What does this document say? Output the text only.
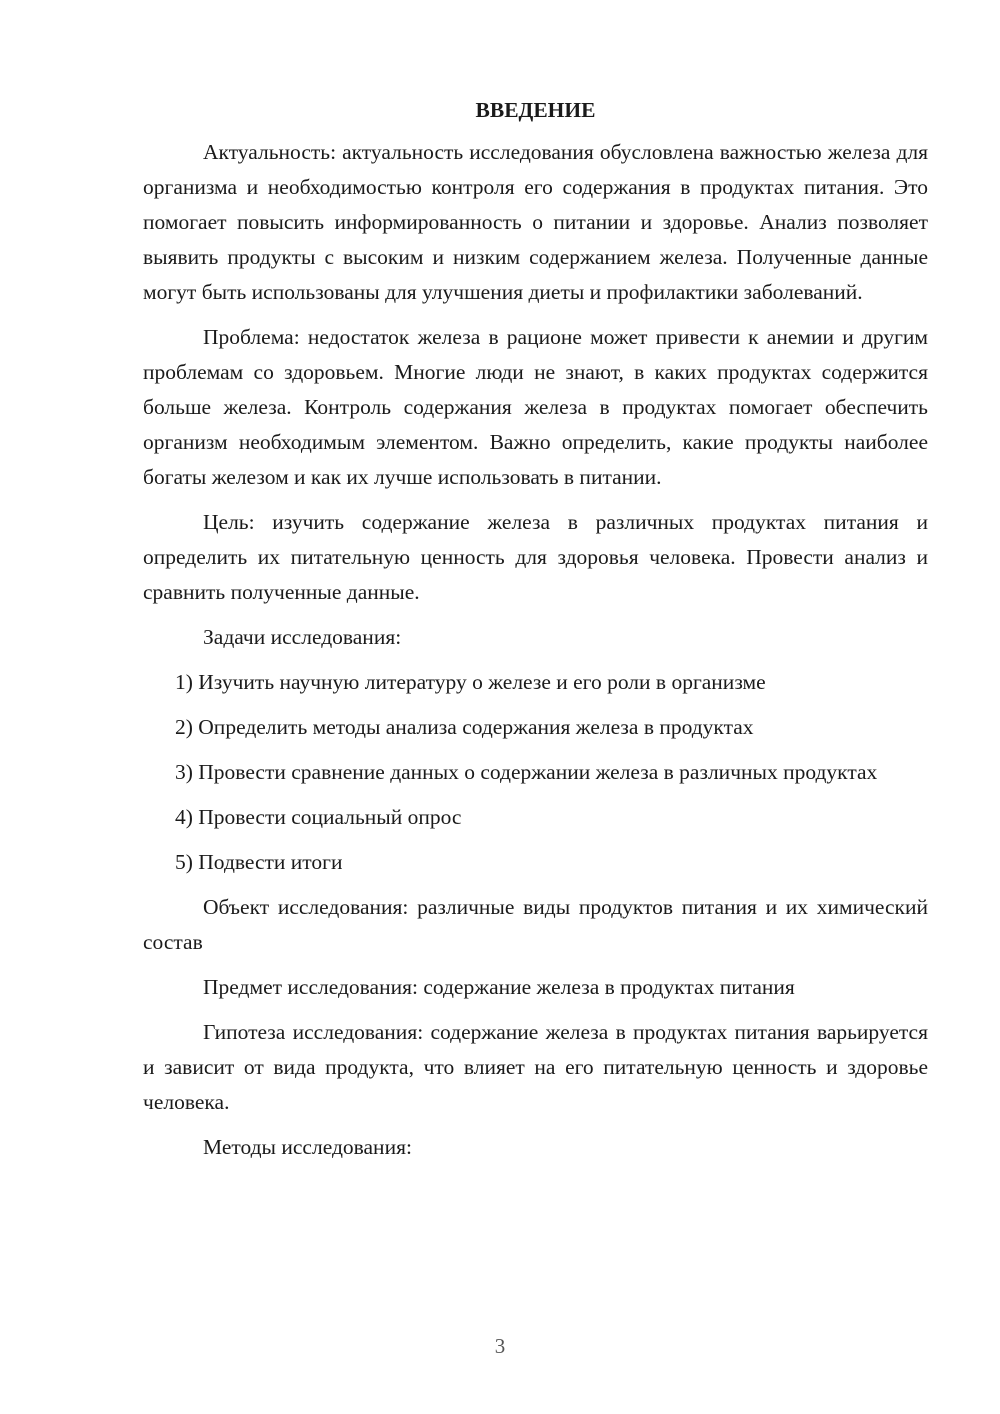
ВВЕДЕНИЕ

Актуальность: актуальность исследования обусловлена важностью железа для организма и необходимостью контроля его содержания в продуктах питания. Это помогает повысить информированность о питании и здоровье. Анализ позволяет выявить продукты с высоким и низким содержанием железа. Полученные данные могут быть использованы для улучшения диеты и профилактики заболеваний.

Проблема: недостаток железа в рационе может привести к анемии и другим проблемам со здоровьем. Многие люди не знают, в каких продуктах содержится больше железа. Контроль содержания железа в продуктах помогает обеспечить организм необходимым элементом. Важно определить, какие продукты наиболее богаты железом и как их лучше использовать в питании.

Цель: изучить содержание железа в различных продуктах питания и определить их питательную ценность для здоровья человека. Провести анализ и сравнить полученные данные.

Задачи исследования:

1) Изучить научную литературу о железе и его роли в организме

2) Определить методы анализа содержания железа в продуктах

3) Провести сравнение данных о содержании железа в различных продуктах

4) Провести социальный опрос

5) Подвести итоги

Объект исследования: различные виды продуктов питания и их химический состав

Предмет исследования: содержание железа в продуктах питания

Гипотеза исследования: содержание железа в продуктах питания варьируется и зависит от вида продукта, что влияет на его питательную ценность и здоровье человека.

Методы исследования:

3
